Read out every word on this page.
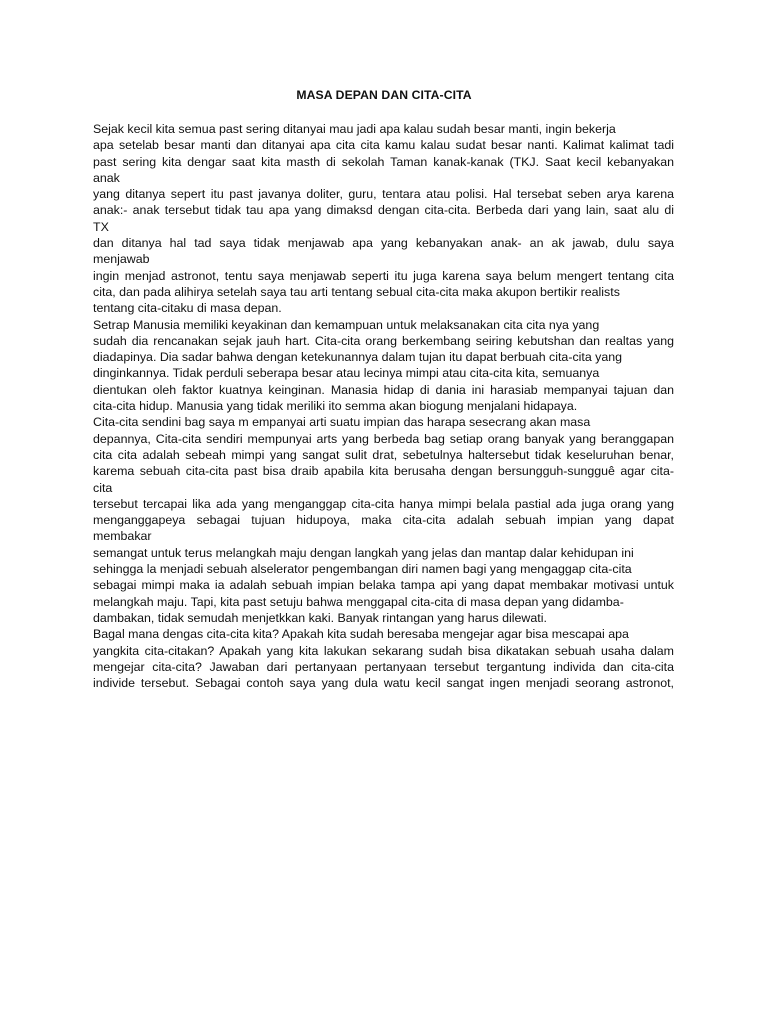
MASA DEPAN DAN CITA-CITA
Sejak kecil kita semua past sering ditanyai mau jadi apa kalau sudah besar manti, ingin bekerja
apa setelab besar manti dan ditanyai apa cita cita kamu kalau sudat besar nanti. Kalimat kalimat tadi
past sering kita dengar saat kita masth di sekolah Taman kanak-kanak (TKJ. Saat kecil kebanyakan
anak
yang ditanya sepert itu past javanya doliter, guru, tentara atau polisi. Hal tersebat seben arya karena
anak:- anak tersebut tidak tau apa yang dimaksd dengan cita-cita. Berbeda dari yang lain, saat alu di
TX
dan ditanya hal tad saya tidak menjawab apa yang kebanyakan anak- an ak jawab, dulu saya
menjawab
ingin menjad astronot, tentu saya menjawab seperti itu juga karena saya belum mengert tentang cita
cita, dan pada alihirya setelah saya tau arti tentang sebual cita-cita maka akupon bertikir realists
tentang cita-citaku di masa depan.
Setrap Manusia memiliki keyakinan dan kemampuan untuk melaksanakan cita cita nya yang
sudah dia rencanakan sejak jauh hart. Cita-cita orang berkembang seiring kebutshan dan realtas yang
diadapinya. Dia sadar bahwa dengan ketekunannya dalam tujan itu dapat berbuah cita-cita yang
dinginkannya. Tidak perduli seberapa besar atau lecinya mimpi atau cita-cita kita, semuanya
dientukan oleh faktor kuatnya keinginan. Manasia hidap di dania ini harasiab mempanyai tajuan dan
cita-cita hidup. Manusia yang tidak meriliki ito semma akan biogung menjalani hidapaya.
Cita-cita sendini bag saya m empanyai arti suatu impian das harapa sesecrang akan masa
depannya, Cita-cita sendiri mempunyai arts yang berbeda bag setiap orang banyak yang beranggapan
cita cita adalah sebeah mimpi yang sangat sulit drat, sebetulnya haltersebut tidak keseluruhan benar,
karema sebuah cita-cita past bisa draib apabila kita berusaha dengan bersungguh-sungguê agar cita-
cita
tersebut tercapai lika ada yang menganggap cita-cita hanya mimpi belala pastial ada juga orang yang
menganggapeya sebagai tujuan hidupoya, maka cita-cita adalah sebuah impian yang dapat
membakar
semangat untuk terus melangkah maju dengan langkah yang jelas dan mantap dalar kehidupan ini
sehingga la menjadi sebuah alselerator pengembangan diri namen bagi yang mengaggap cita-cita
sebagai mimpi maka ia adalah sebuah impian belaka tampa api yang dapat membakar motivasi untuk
melangkah maju. Tapi, kita past setuju bahwa menggapal cita-cita di masa depan yang didamba-
dambakan, tidak semudah menjetkkan kaki. Banyak rintangan yang harus dilewati.
Bagal mana dengas cita-cita kita? Apakah kita sudah beresaba mengejar agar bisa mescapai apa
yangkita cita-citakan? Apakah yang kita lakukan sekarang sudah bisa dikatakan sebuah usaha dalam
mengejar cita-cita? Jawaban dari pertanyaan pertanyaan tersebut tergantung individa dan cita-cita
individe tersebut. Sebagai contoh saya yang dula watu kecil sangat ingen menjadi seorang astronot,
